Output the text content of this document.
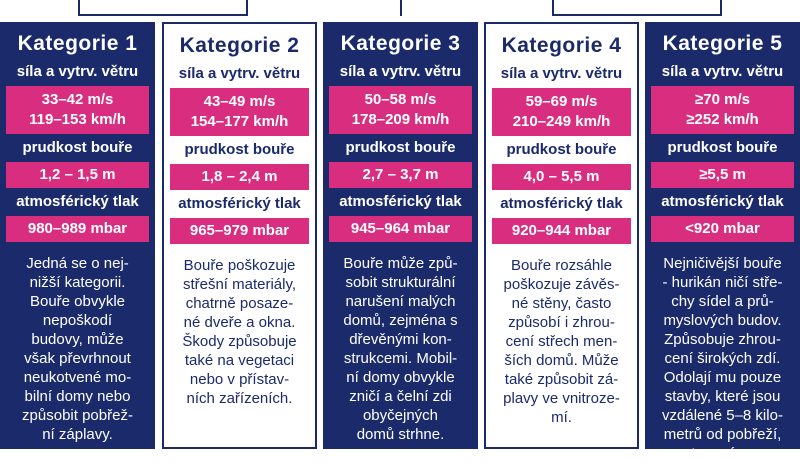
Kategorie 1
síla a vytrv. větru
33–42 m/s
119–153 km/h
prudkost bouře
1,2 – 1,5 m
atmosférický tlak
980–989 mbar
Jedná se o nej-
nižší kategorii.
Bouře obvykle
nepoškodí
budovy, může
však převrhnout
neukotvené mo-
bilní domy nebo
způsobit pobřež-
ní záplavy.
Kategorie 2
síla a vytrv. větru
43–49 m/s
154–177 km/h
prudkost bouře
1,8 – 2,4 m
atmosférický tlak
965–979 mbar
Bouře poškozuje
střešní materiály,
chatrně posaze-
né dveře a okna.
Škody způsobuje
také na vegetaci
nebo v přístav-
ních zařízeních.
Kategorie 3
síla a vytrv. větru
50–58 m/s
178–209 km/h
prudkost bouře
2,7 – 3,7 m
atmosférický tlak
945–964 mbar
Bouře může způ-
sobit strukturální
narušení malých
domů, zejména s
dřevěnými kon-
strukcemi. Mobil-
ní domy obvykle
zničí a čelní zdi
obyčejných
domů strhne.
Kategorie 4
síla a vytrv. větru
59–69 m/s
210–249 km/h
prudkost bouře
4,0 – 5,5 m
atmosférický tlak
920–944 mbar
Bouře rozsáhle
poškozuje závěs-
né stěny, často
způsobí i zhrou-
cení střech men-
ších domů. Může
také způsobit zá-
plavy ve vnitroze-
mí.
Kategorie 5
síla a vytrv. větru
≥70 m/s
≥252 km/h
prudkost bouře
≥5,5 m
atmosférický tlak
<920 mbar
Nejničivější bouře
- hurikán ničí stře-
chy sídel a prů-
myslových budov.
Způsobuje zhrou-
cení širokých zdí.
Odolají mu pouze
stavby, které jsou
vzdálené 5–8 kilo-
metrů od pobřeží,
postavené z ma-
